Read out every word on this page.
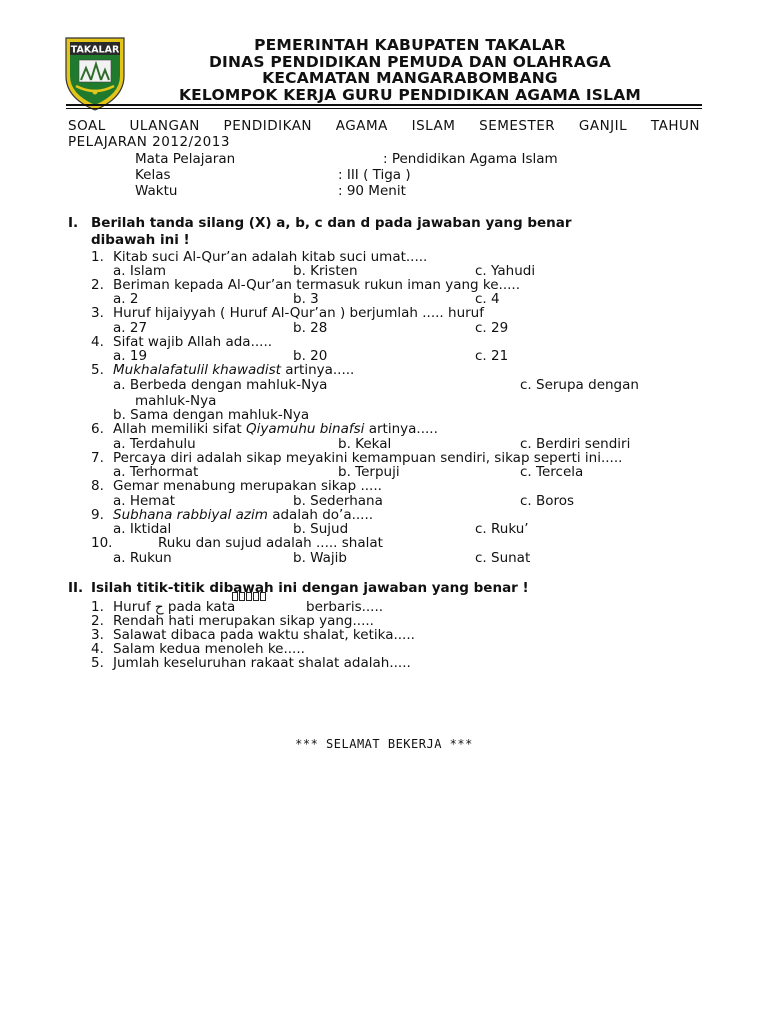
TAKALAR	PEMERINTAH KABUPATEN TAKALAR
DINAS PENDIDIKAN PEMUDA DAN OLAHRAGA
KECAMATAN MANGARABOMBANG
KELOMPOK KERJA GURU PENDIDIKAN AGAMA ISLAM
SOAL ULANGAN PENDIDIKAN AGAMA ISLAM SEMESTER GANJIL TAHUN
PELAJARAN 2012/2013
Mata Pelajaran	: Pendidikan Agama Islam
Kelas	: III ( Tiga )
Waktu	: 90 Menit
I. Berilah tanda silang (X) a, b, c dan d pada jawaban yang benar
dibawah ini !
1. Kitab suci Al-Qur’an adalah kitab suci umat.....
a. Islam	b. Kristen	c. Yahudi
2. Beriman kepada Al-Qur’an termasuk rukun iman yang ke.....
a. 2	b. 3	c. 4
3. Huruf hijaiyyah ( Huruf Al-Qur’an ) berjumlah ..... huruf
a. 27	b. 28	c. 29
4. Sifat wajib Allah ada.....
a. 19	b. 20	c. 21
5. Mukhalafatulil khawadist artinya.....
a. Berbeda dengan mahluk-Nya	c. Serupa dengan
mahluk-Nya
b. Sama dengan mahluk-Nya
6. Allah memiliki sifat Qiyamuhu binafsi artinya.....
a. Terdahulu	b. Kekal	c. Berdiri sendiri
7. Percaya diri adalah sikap meyakini kemampuan sendiri, sikap seperti ini.....
a. Terhormat	b. Terpuji	c. Tercela
8. Gemar menabung merupakan sikap .....
a. Hemat	b. Sederhana	c. Boros
9. Subhana rabbiyal azim adalah do’a.....
a. Iktidal	b. Sujud	c. Ruku’
10.	Ruku dan sujud adalah ..... shalat
a. Rukun	b. Wajib	c. Sunat
II. Isilah titik-titik dibawah ini dengan jawaban yang benar !
1. Huruf ح pada kata	berbaris.....
2. Rendah hati merupakan sikap yang.....
3. Salawat dibaca pada waktu shalat, ketika.....
4. Salam kedua menoleh ke.....
5. Jumlah keseluruhan rakaat shalat adalah.....
*** SELAMAT BEKERJA ***
